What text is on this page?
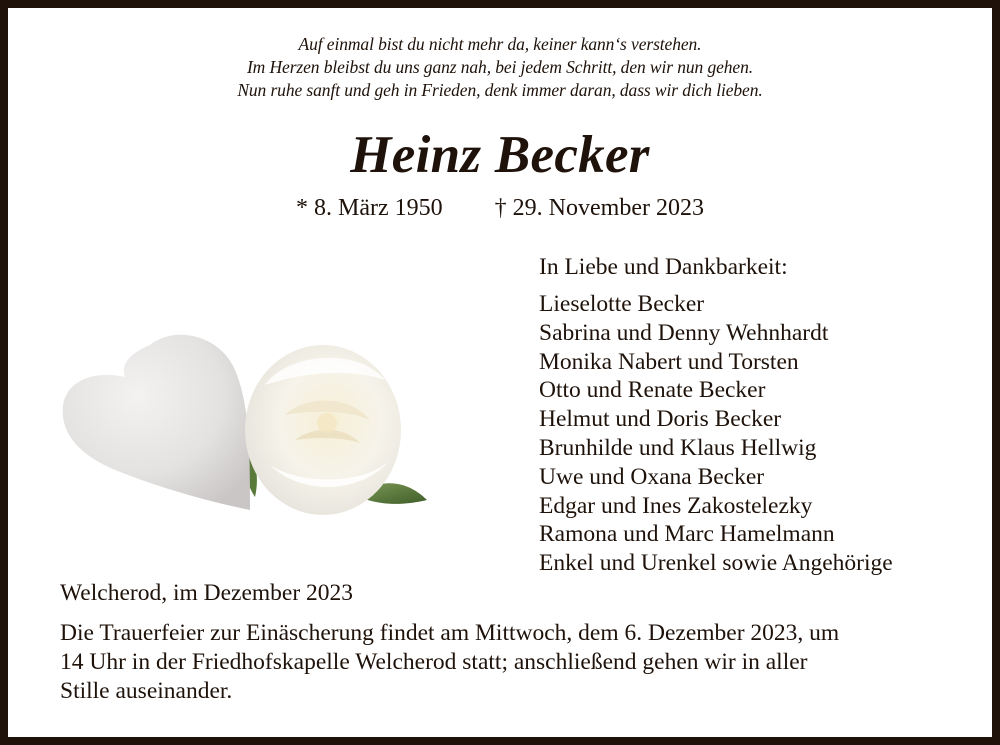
Auf einmal bist du nicht mehr da, keiner kann‘s verstehen.
Im Herzen bleibst du uns ganz nah, bei jedem Schritt, den wir nun gehen.
Nun ruhe sanft und geh in Frieden, denk immer daran, dass wir dich lieben.
Heinz Becker
* 8. März 1950 † 29. November 2023
In Liebe und Dankbarkeit:
Lieselotte Becker
Sabrina und Denny Wehnhardt
Monika Nabert und Torsten
Otto und Renate Becker
Helmut und Doris Becker
Brunhilde und Klaus Hellwig
Uwe und Oxana Becker
Edgar und Ines Zakostelezky
Ramona und Marc Hamelmann
Enkel und Urenkel sowie Angehörige
Welcherod, im Dezember 2023
Die Trauerfeier zur Einäscherung findet am Mittwoch, dem 6. Dezember 2023, um
14 Uhr in der Friedhofskapelle Welcherod statt; anschließend gehen wir in aller
Stille auseinander.
